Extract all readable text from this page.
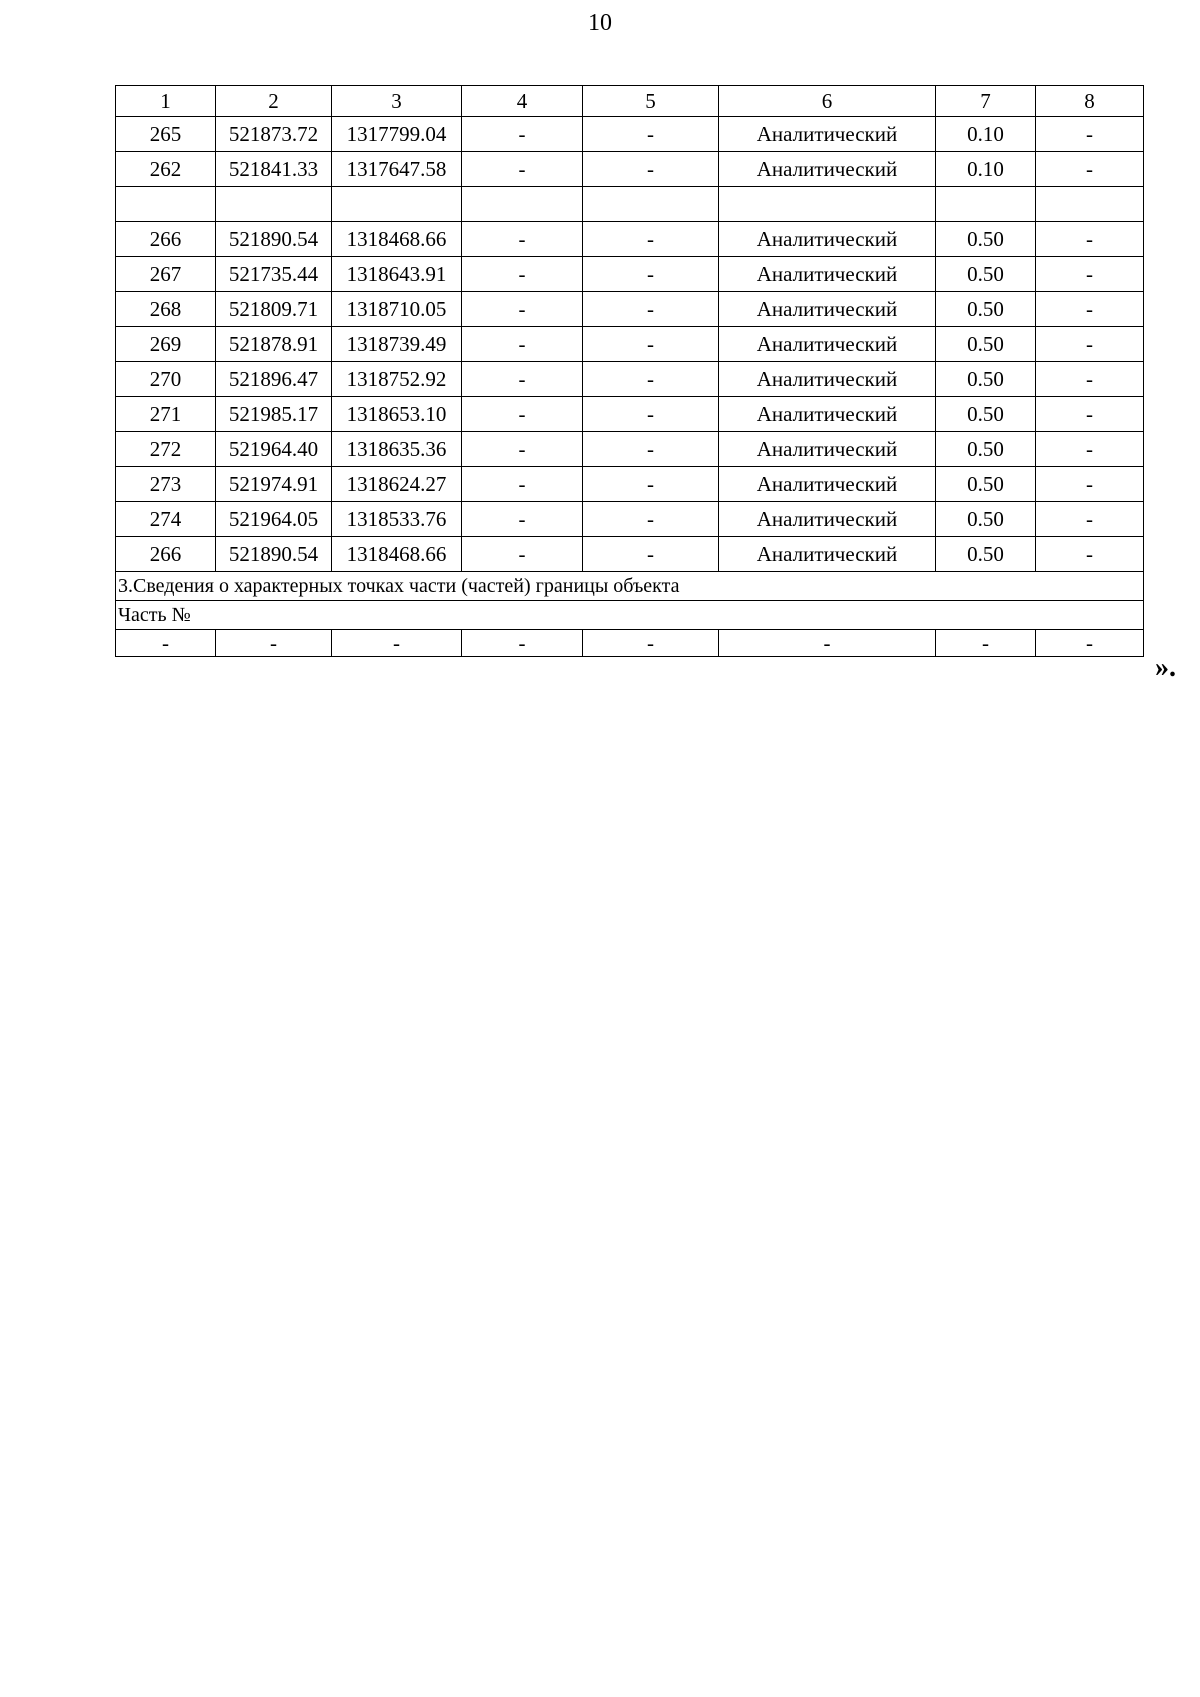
10
1	2	3	4	5	6	7	8
265	521873.72	1317799.04	-	-	Аналитический	0.10	-
262	521841.33	1317647.58	-	-	Аналитический	0.10	-

266	521890.54	1318468.66	-	-	Аналитический	0.50	-
267	521735.44	1318643.91	-	-	Аналитический	0.50	-
268	521809.71	1318710.05	-	-	Аналитический	0.50	-
269	521878.91	1318739.49	-	-	Аналитический	0.50	-
270	521896.47	1318752.92	-	-	Аналитический	0.50	-
271	521985.17	1318653.10	-	-	Аналитический	0.50	-
272	521964.40	1318635.36	-	-	Аналитический	0.50	-
273	521974.91	1318624.27	-	-	Аналитический	0.50	-
274	521964.05	1318533.76	-	-	Аналитический	0.50	-
266	521890.54	1318468.66	-	-	Аналитический	0.50	-
3.Сведения о характерных точках части (частей) границы объекта							
Часть №							
-	-	-	-	-	-	-	-
».
